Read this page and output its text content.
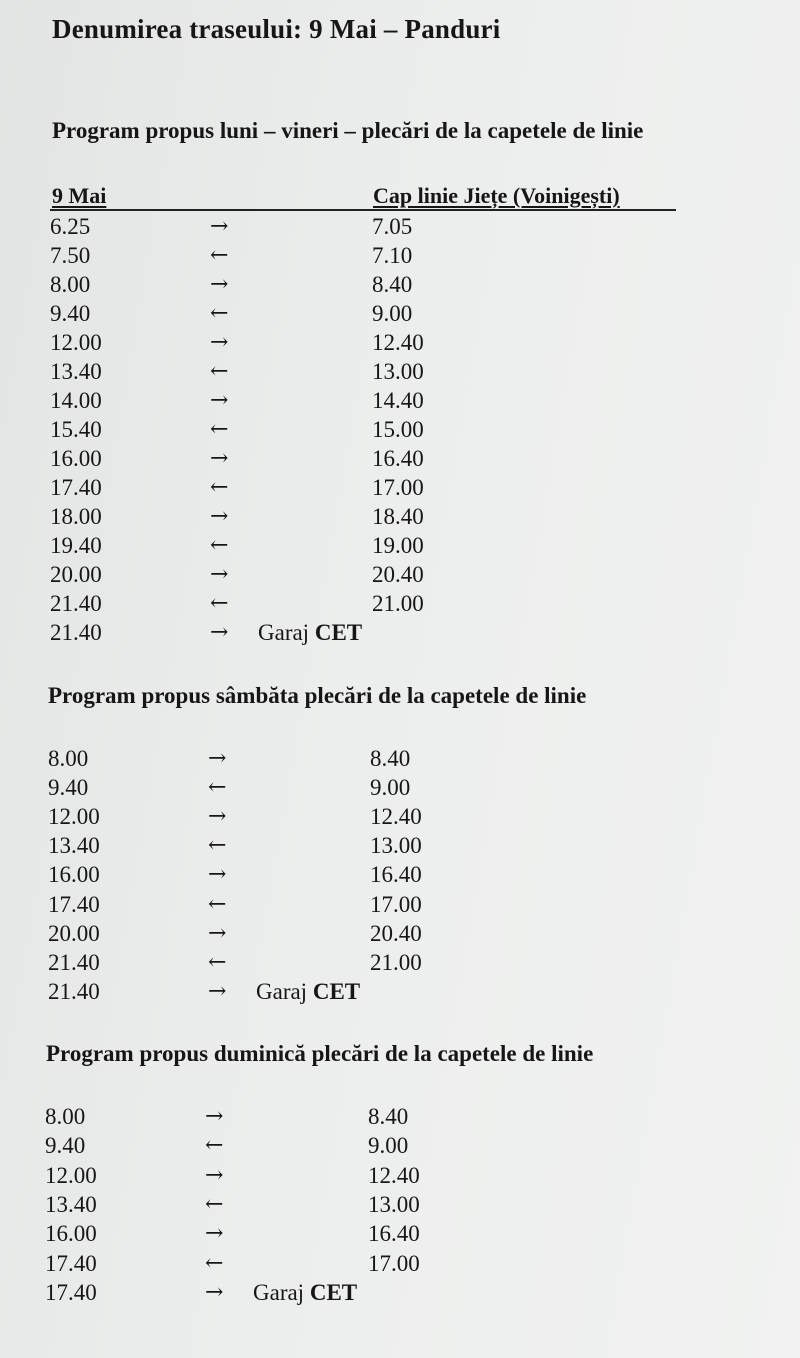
Denumirea traseului: 9 Mai – Panduri
Program propus luni – vineri – plecări de la capetele de linie
9 Mai	Cap linie Jiețe (Voinigești)
6.25	→	7.05
7.50	←	7.10
8.00	→	8.40
9.40	←	9.00
12.00	→	12.40
13.40	←	13.00
14.00	→	14.40
15.40	←	15.00
16.00	→	16.40
17.40	←	17.00
18.00	→	18.40
19.40	←	19.00
20.00	→	20.40
21.40	←	21.00
21.40	→ Garaj CET
Program propus sâmbăta plecări de la capetele de linie
8.00	→	8.40
9.40	←	9.00
12.00	→	12.40
13.40	←	13.00
16.00	→	16.40
17.40	←	17.00
20.00	→	20.40
21.40	←	21.00
21.40	→ Garaj CET
Program propus duminică plecări de la capetele de linie
8.00	→	8.40
9.40	←	9.00
12.00	→	12.40
13.40	←	13.00
16.00	→	16.40
17.40	←	17.00
17.40	→ Garaj CET
